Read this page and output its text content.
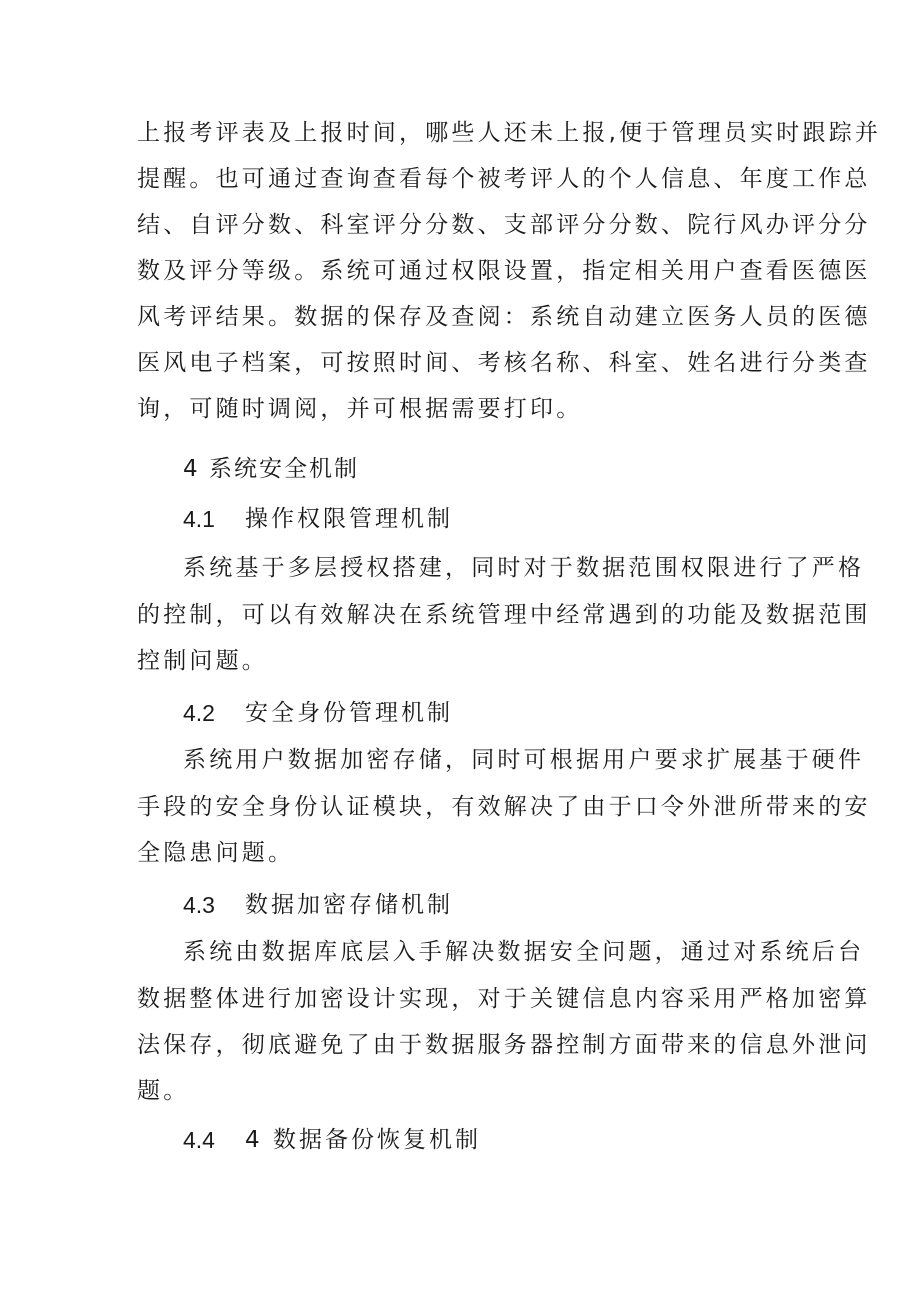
上报考评表及上报时间，哪些人还未上报,便于管理员实时跟踪并
提醒。也可通过查询查看每个被考评人的个人信息、年度工作总
结、自评分数、科室评分分数、支部评分分数、院行风办评分分
数及评分等级。系统可通过权限设置，指定相关用户查看医德医
风考评结果。数据的保存及查阅：系统自动建立医务人员的医德
医风电子档案，可按照时间、考核名称、科室、姓名进行分类查
询，可随时调阅，并可根据需要打印。
4 系统安全机制
4.1 操作权限管理机制
系统基于多层授权搭建，同时对于数据范围权限进行了严格
的控制，可以有效解决在系统管理中经常遇到的功能及数据范围
控制问题。
4.2 安全身份管理机制
系统用户数据加密存储，同时可根据用户要求扩展基于硬件
手段的安全身份认证模块，有效解决了由于口令外泄所带来的安
全隐患问题。
4.3 数据加密存储机制
系统由数据库底层入手解决数据安全问题，通过对系统后台
数据整体进行加密设计实现，对于关键信息内容采用严格加密算
法保存，彻底避免了由于数据服务器控制方面带来的信息外泄问
题。
4.4 4 数据备份恢复机制
